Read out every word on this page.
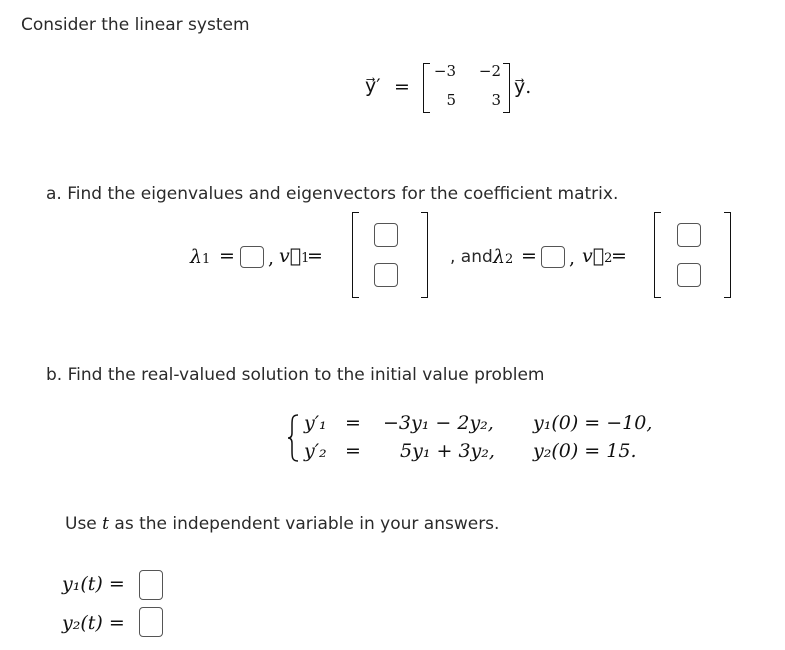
Consider the linear system
y⃗′ =
−3 −2
5	3
y⃗.
a. Find the eigenvalues and eigenvectors for the coefficient matrix.
λ1 = , v⃗1
=	, and λ2 = , v⃗2
=
b. Find the real-valued solution to the initial value problem
y′₁ = −3y₁ − 2y₂, y₁(0) = −10,
y′₂ = 5y₁ + 3y₂, y₂(0) = 15.
Use t as the independent variable in your answers.
y₁(t) =
y₂(t) =
